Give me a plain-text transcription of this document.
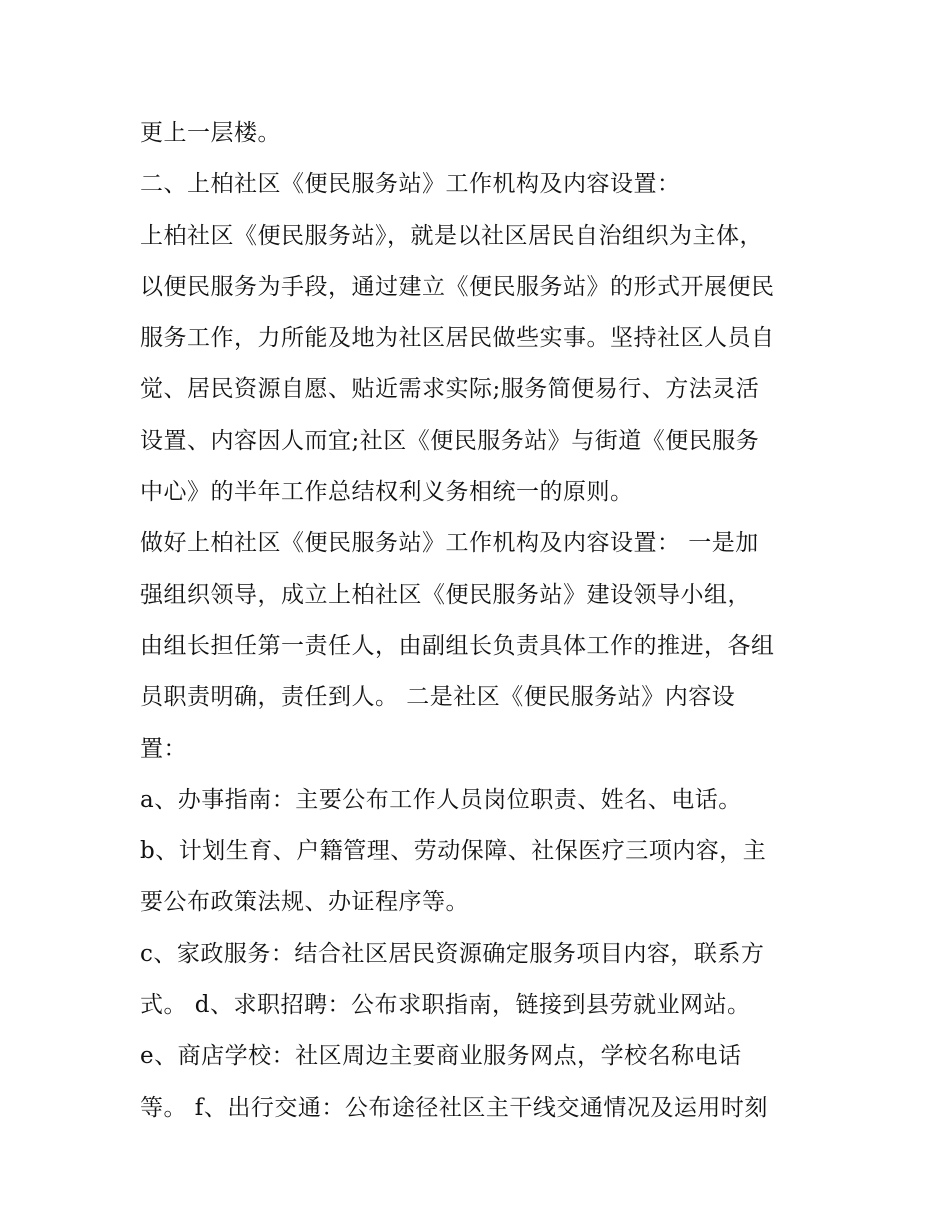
更上一层楼。
二、上柏社区《便民服务站》工作机构及内容设置：
上柏社区《便民服务站》，就是以社区居民自治组织为主体，
以便民服务为手段，通过建立《便民服务站》的形式开展便民
服务工作，力所能及地为社区居民做些实事。坚持社区人员自
觉、居民资源自愿、贴近需求实际;服务简便易行、方法灵活
设置、内容因人而宜;社区《便民服务站》与街道《便民服务
中心》的半年工作总结权利义务相统一的原则。
做好上柏社区《便民服务站》工作机构及内容设置： 一是加
强组织领导，成立上柏社区《便民服务站》建设领导小组，
由组长担任第一责任人，由副组长负责具体工作的推进，各组
员职责明确，责任到人。 二是社区《便民服务站》内容设
置：
a、办事指南：主要公布工作人员岗位职责、姓名、电话。
b、计划生育、户籍管理、劳动保障、社保医疗三项内容，主
要公布政策法规、办证程序等。
c、家政服务：结合社区居民资源确定服务项目内容，联系方
式。 d、求职招聘：公布求职指南，链接到县劳就业网站。
e、商店学校：社区周边主要商业服务网点，学校名称电话
等。 f、出行交通：公布途径社区主干线交通情况及运用时刻
